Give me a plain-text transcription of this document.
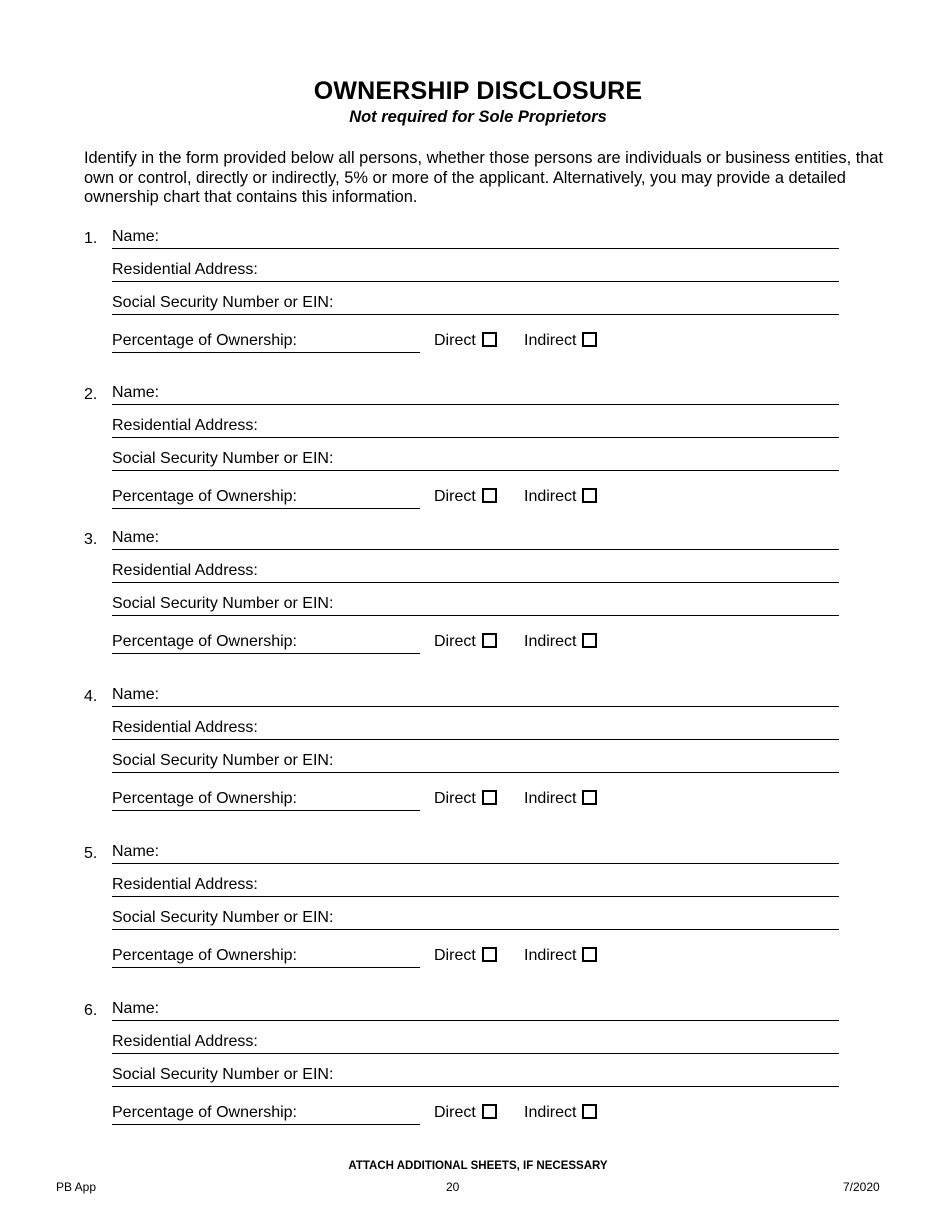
OWNERSHIP DISCLOSURE
Not required for Sole Proprietors
Identify in the form provided below all persons, whether those persons are individuals or business entities, that own or control, directly or indirectly, 5% or more of the applicant. Alternatively, you may provide a detailed ownership chart that contains this information.
1. Name:
Residential Address:
Social Security Number or EIN:
Percentage of Ownership:	Direct	Indirect
2. Name:
Residential Address:
Social Security Number or EIN:
Percentage of Ownership:	Direct	Indirect
3. Name:
Residential Address:
Social Security Number or EIN:
Percentage of Ownership:	Direct	Indirect
4. Name:
Residential Address:
Social Security Number or EIN:
Percentage of Ownership:	Direct	Indirect
5. Name:
Residential Address:
Social Security Number or EIN:
Percentage of Ownership:	Direct	Indirect
6. Name:
Residential Address:
Social Security Number or EIN:
Percentage of Ownership:	Direct	Indirect
ATTACH ADDITIONAL SHEETS, IF NECESSARY
PB App	20	7/2020
